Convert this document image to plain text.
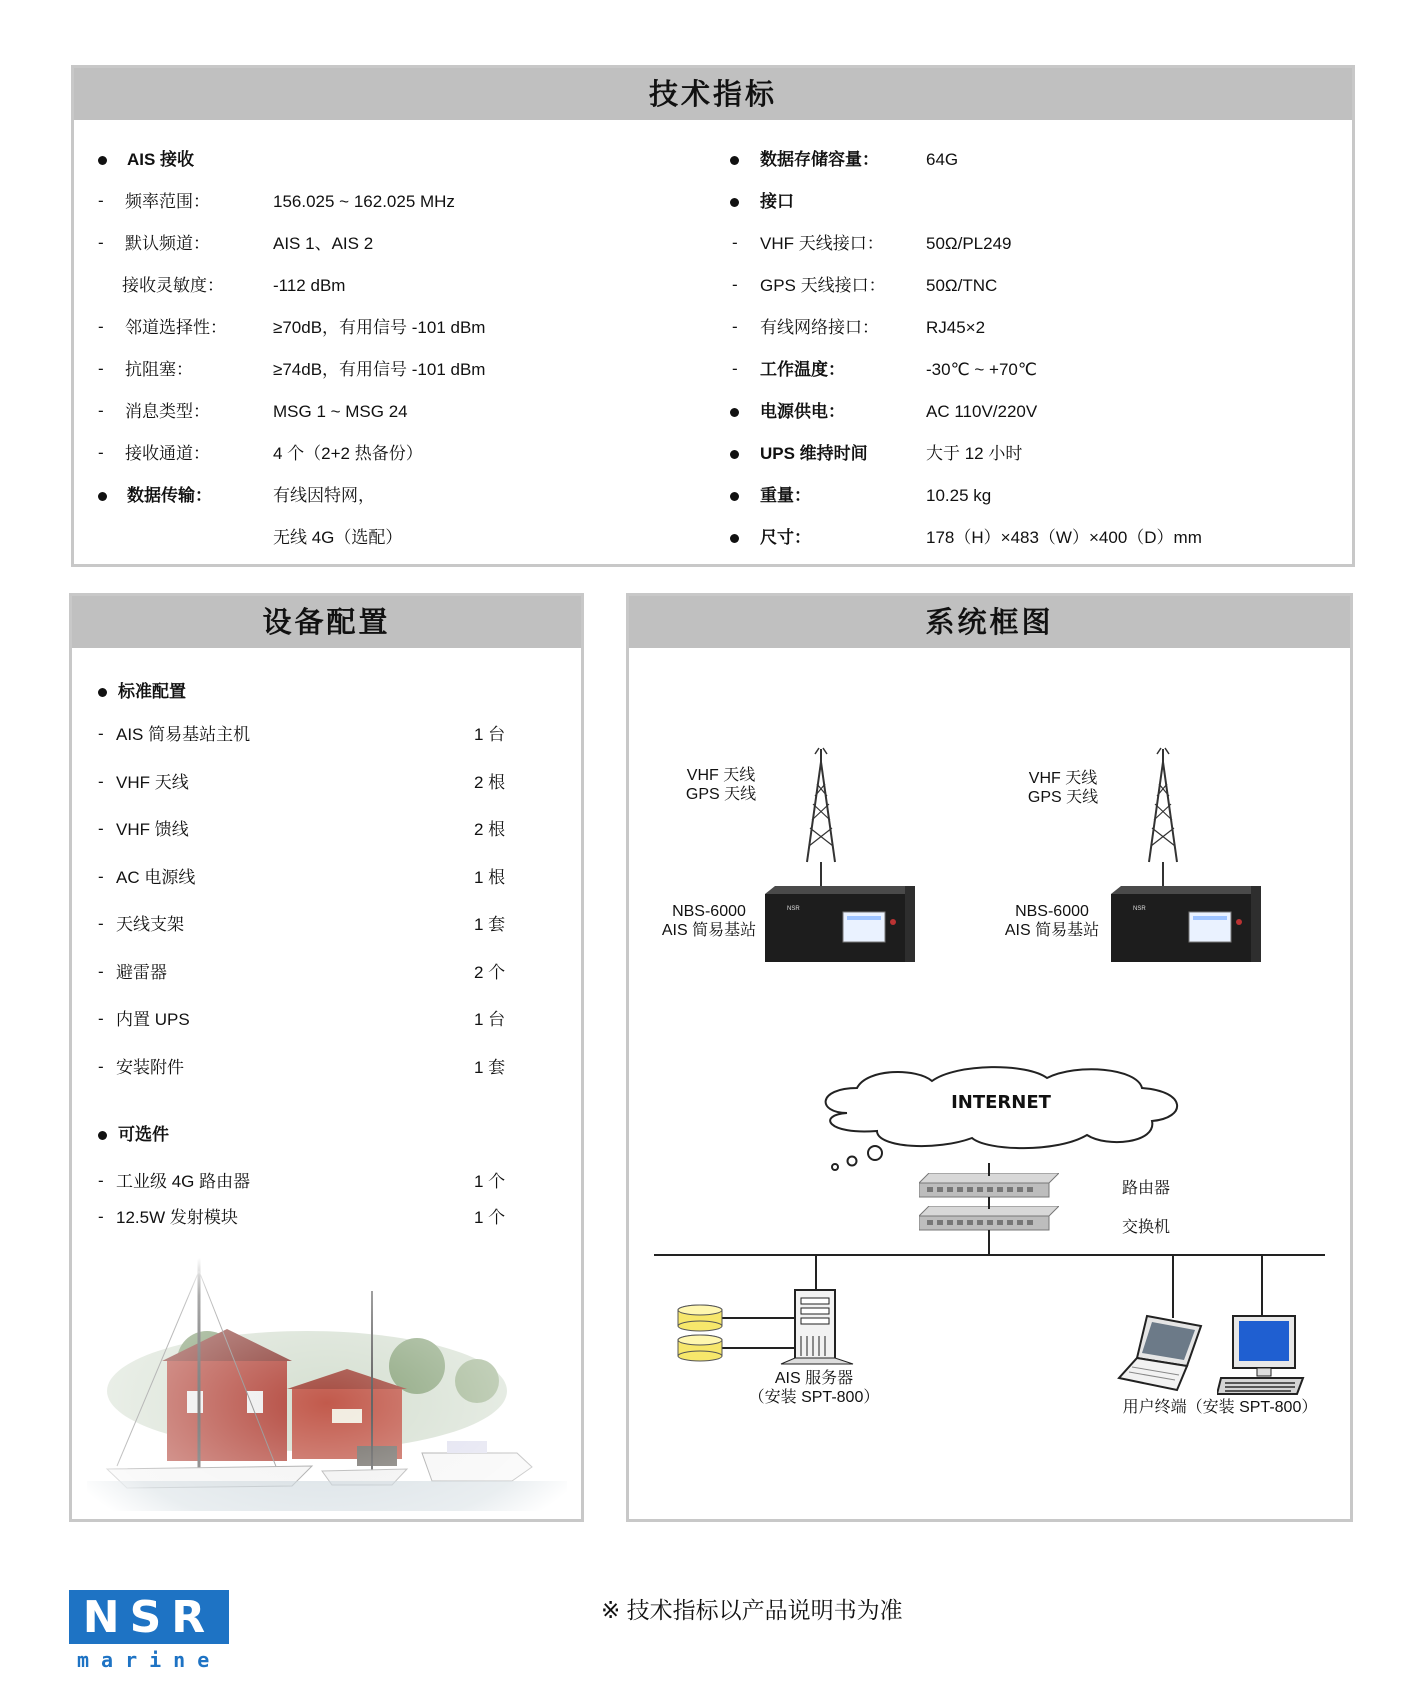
技术指标
AIS 接收
- 频率范围：	156.025 ~ 162.025 MHz
- 默认频道：	AIS 1、AIS 2
接收灵敏度：	-112 dBm
- 邻道选择性：	≥70dB，有用信号 -101 dBm
- 抗阻塞：	≥74dB，有用信号 -101 dBm
- 消息类型：	MSG 1 ~ MSG 24
- 接收通道：	4 个（2+2 热备份）
数据传输：	有线因特网，
无线 4G（选配）
数据存储容量：	64G
接口
- VHF 天线接口： 50Ω/PL249
- GPS 天线接口： 50Ω/TNC
- 有线网络接口：	RJ45×2
- 工作温度：	-30℃ ~ +70℃
电源供电：	AC 110V/220V
UPS 维持时间	大于 12 小时
重量：	10.25 kg
尺寸：	178（H）×483（W）×400（D）mm
设备配置
标准配置
- AIS 简易基站主机	1 台
- VHF 天线	2 根
- VHF 馈线	2 根
- AC 电源线	1 根
- 天线支架	1 套
- 避雷器	2 个
- 内置 UPS	1 台
- 安装附件	1 套
可选件
- 工业级 4G 路由器	1 个
- 12.5W 发射模块	1 个
系统框图
VHF 天线
GPS 天线
NBS-6000
AIS 简易基站
NSR
VHF 天线
GPS 天线
NBS-6000
AIS 简易基站
NSR
INTERNET
路由器
交换机
AIS 服务器
（安装 SPT-800）
用户终端（安装 SPT-800）
※ 技术指标以产品说明书为准
NSR
marine
